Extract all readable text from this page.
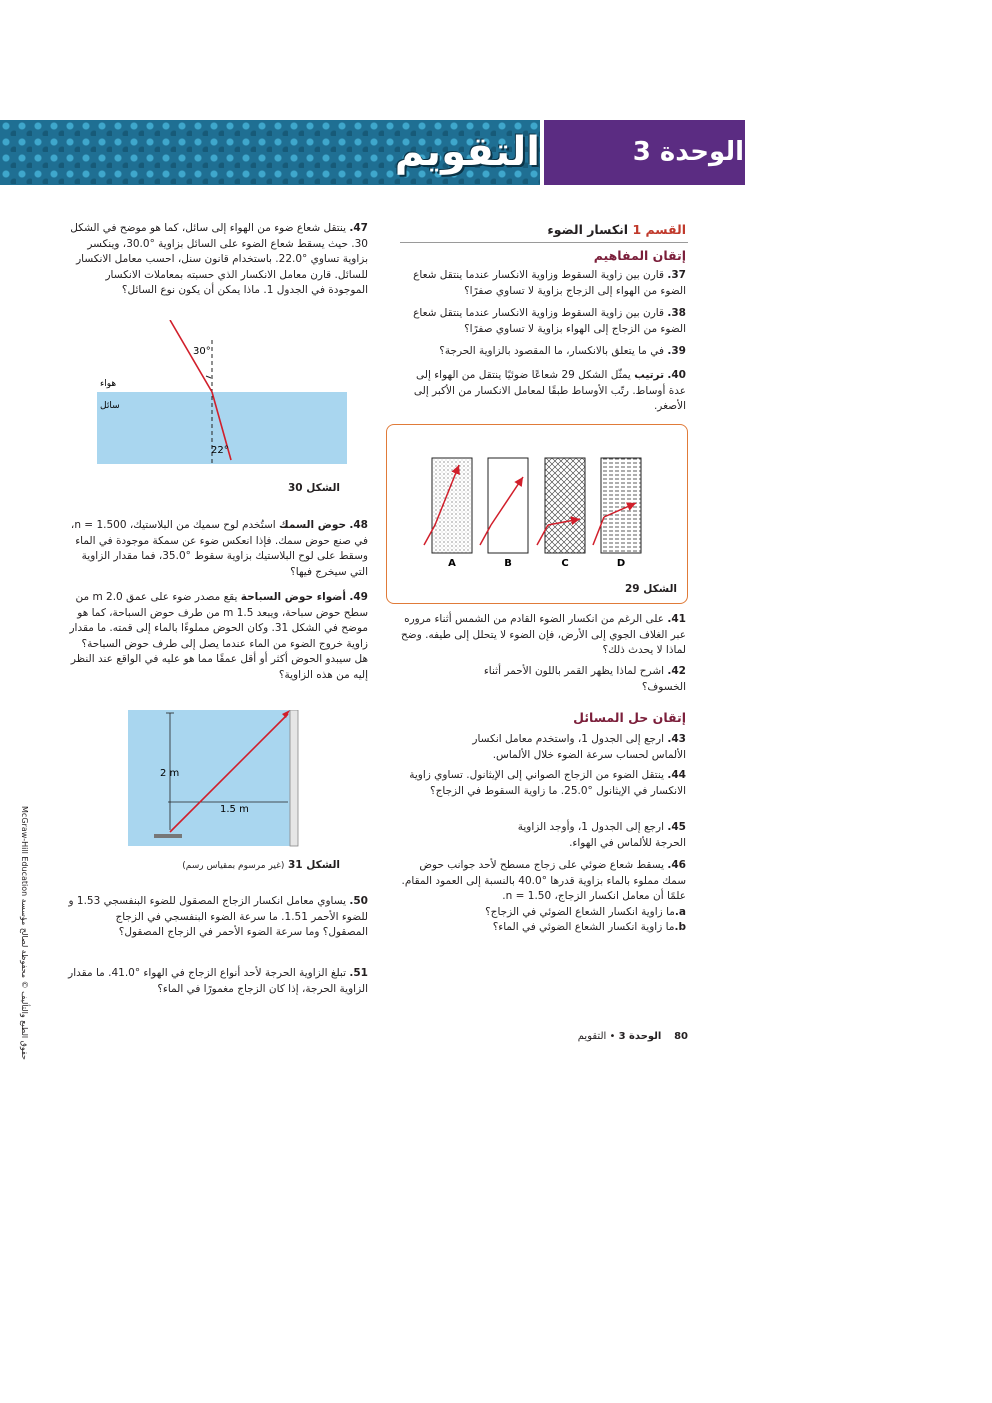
التقويم	الوحدة 3
القسم 1 انكسار الضوء
إتقان المفاهيم
37. قارن بين زاوية السقوط وزاوية الانكسار عندما ينتقل شعاع الضوء من الهواء إلى الزجاج بزاوية لا تساوي صفرًا؟
38. قارن بين زاوية السقوط وزاوية الانكسار عندما ينتقل شعاع الضوء من الزجاج إلى الهواء بزاوية لا تساوي صفرًا؟
39. في ما يتعلق بالانكسار، ما المقصود بالزاوية الحرجة؟
40. ترتيب يمثّل الشكل 29 شعاعًا ضوئيًا ينتقل من الهواء إلى عدة أوساط. رتّب الأوساط طبقًا لمعامل الانكسار من الأكبر إلى الأصغر.
A	B	C	D
الشكل 29
41. على الرغم من انكسار الضوء القادم من الشمس أثناء مروره عبر الغلاف الجوي إلى الأرض، فإن الضوء لا يتحلل إلى طيفه. وضح لماذا لا يحدث ذلك؟
42. اشرح لماذا يظهر القمر باللون الأحمر أثناء الخسوف؟
إتقان حل المسائل
43. ارجع إلى الجدول 1، واستخدم معامل انكسار الألماس لحساب سرعة الضوء خلال الألماس.
44. ينتقل الضوء من الزجاج الصواني إلى الإيثانول. تساوي زاوية الانكسار في الإيثانول °25.0. ما زاوية السقوط في الزجاج؟
45. ارجع إلى الجدول 1، وأوجد الزاوية الحرجة للألماس في الهواء.
46. يسقط شعاع ضوئي على زجاج مسطح لأحد جوانب حوض سمك مملوء بالماء بزاوية قدرها °40.0 بالنسبة إلى العمود المقام. علمًا أن معامل انكسار الزجاج، n = 1.50.
a.ما زاوية انكسار الشعاع الضوئي في الزجاج؟
b.ما زاوية انكسار الشعاع الضوئي في الماء؟
47. ينتقل شعاع ضوء من الهواء إلى سائل، كما هو موضح في الشكل 30. حيث يسقط شعاع الضوء على السائل بزاوية °30.0، وينكسر بزاوية تساوي °22.0. باستخدام قانون سنل، احسب معامل الانكسار للسائل. قارن معامل الانكسار الذي حسبته بمعاملات الانكسار الموجودة في الجدول 1. ماذا يمكن أن يكون نوع السائل؟
30°
22°
هواء
سائل
الشكل 30
48. حوض السمك استُخدم لوح سميك من البلاستيك، n = 1.500، في صنع حوض سمك. فإذا انعكس ضوء عن سمكة موجودة في الماء وسقط على لوح البلاستيك بزاوية سقوط °35.0، فما مقدار الزاوية التي سيخرج فيها؟
49. أضواء حوض السباحة يقع مصدر ضوء على عمق 2.0 m من سطح حوض سباحة، ويبعد 1.5 m من طرف حوض السباحة، كما هو موضح في الشكل 31. وكان الحوض مملوءًا بالماء إلى قمته. ما مقدار زاوية خروج الضوء من الماء عندما يصل إلى طرف حوض السباحة؟ هل سيبدو الحوض أكثر أو أقل عمقًا مما هو عليه في الواقع عند النظر إليه من هذه الزاوية؟
2 m
1.5 m
الشكل 31 (غير مرسوم بمقياس رسم)
50. يساوي معامل انكسار الزجاج المصقول للضوء البنفسجي 1.53 و للضوء الأحمر 1.51. ما سرعة الضوء البنفسجي في الزجاج المصقول؟ وما سرعة الضوء الأحمر في الزجاج المصقول؟
51. تبلغ الزاوية الحرجة لأحد أنواع الزجاج في الهواء °41.0. ما مقدار الزاوية الحرجة، إذا كان الزجاج مغمورًا في الماء؟
حقوق الطبع والتأليف © محفوظة لصالح مؤسسة McGraw-Hill Education	80    الوحدة 3 • التقويم
